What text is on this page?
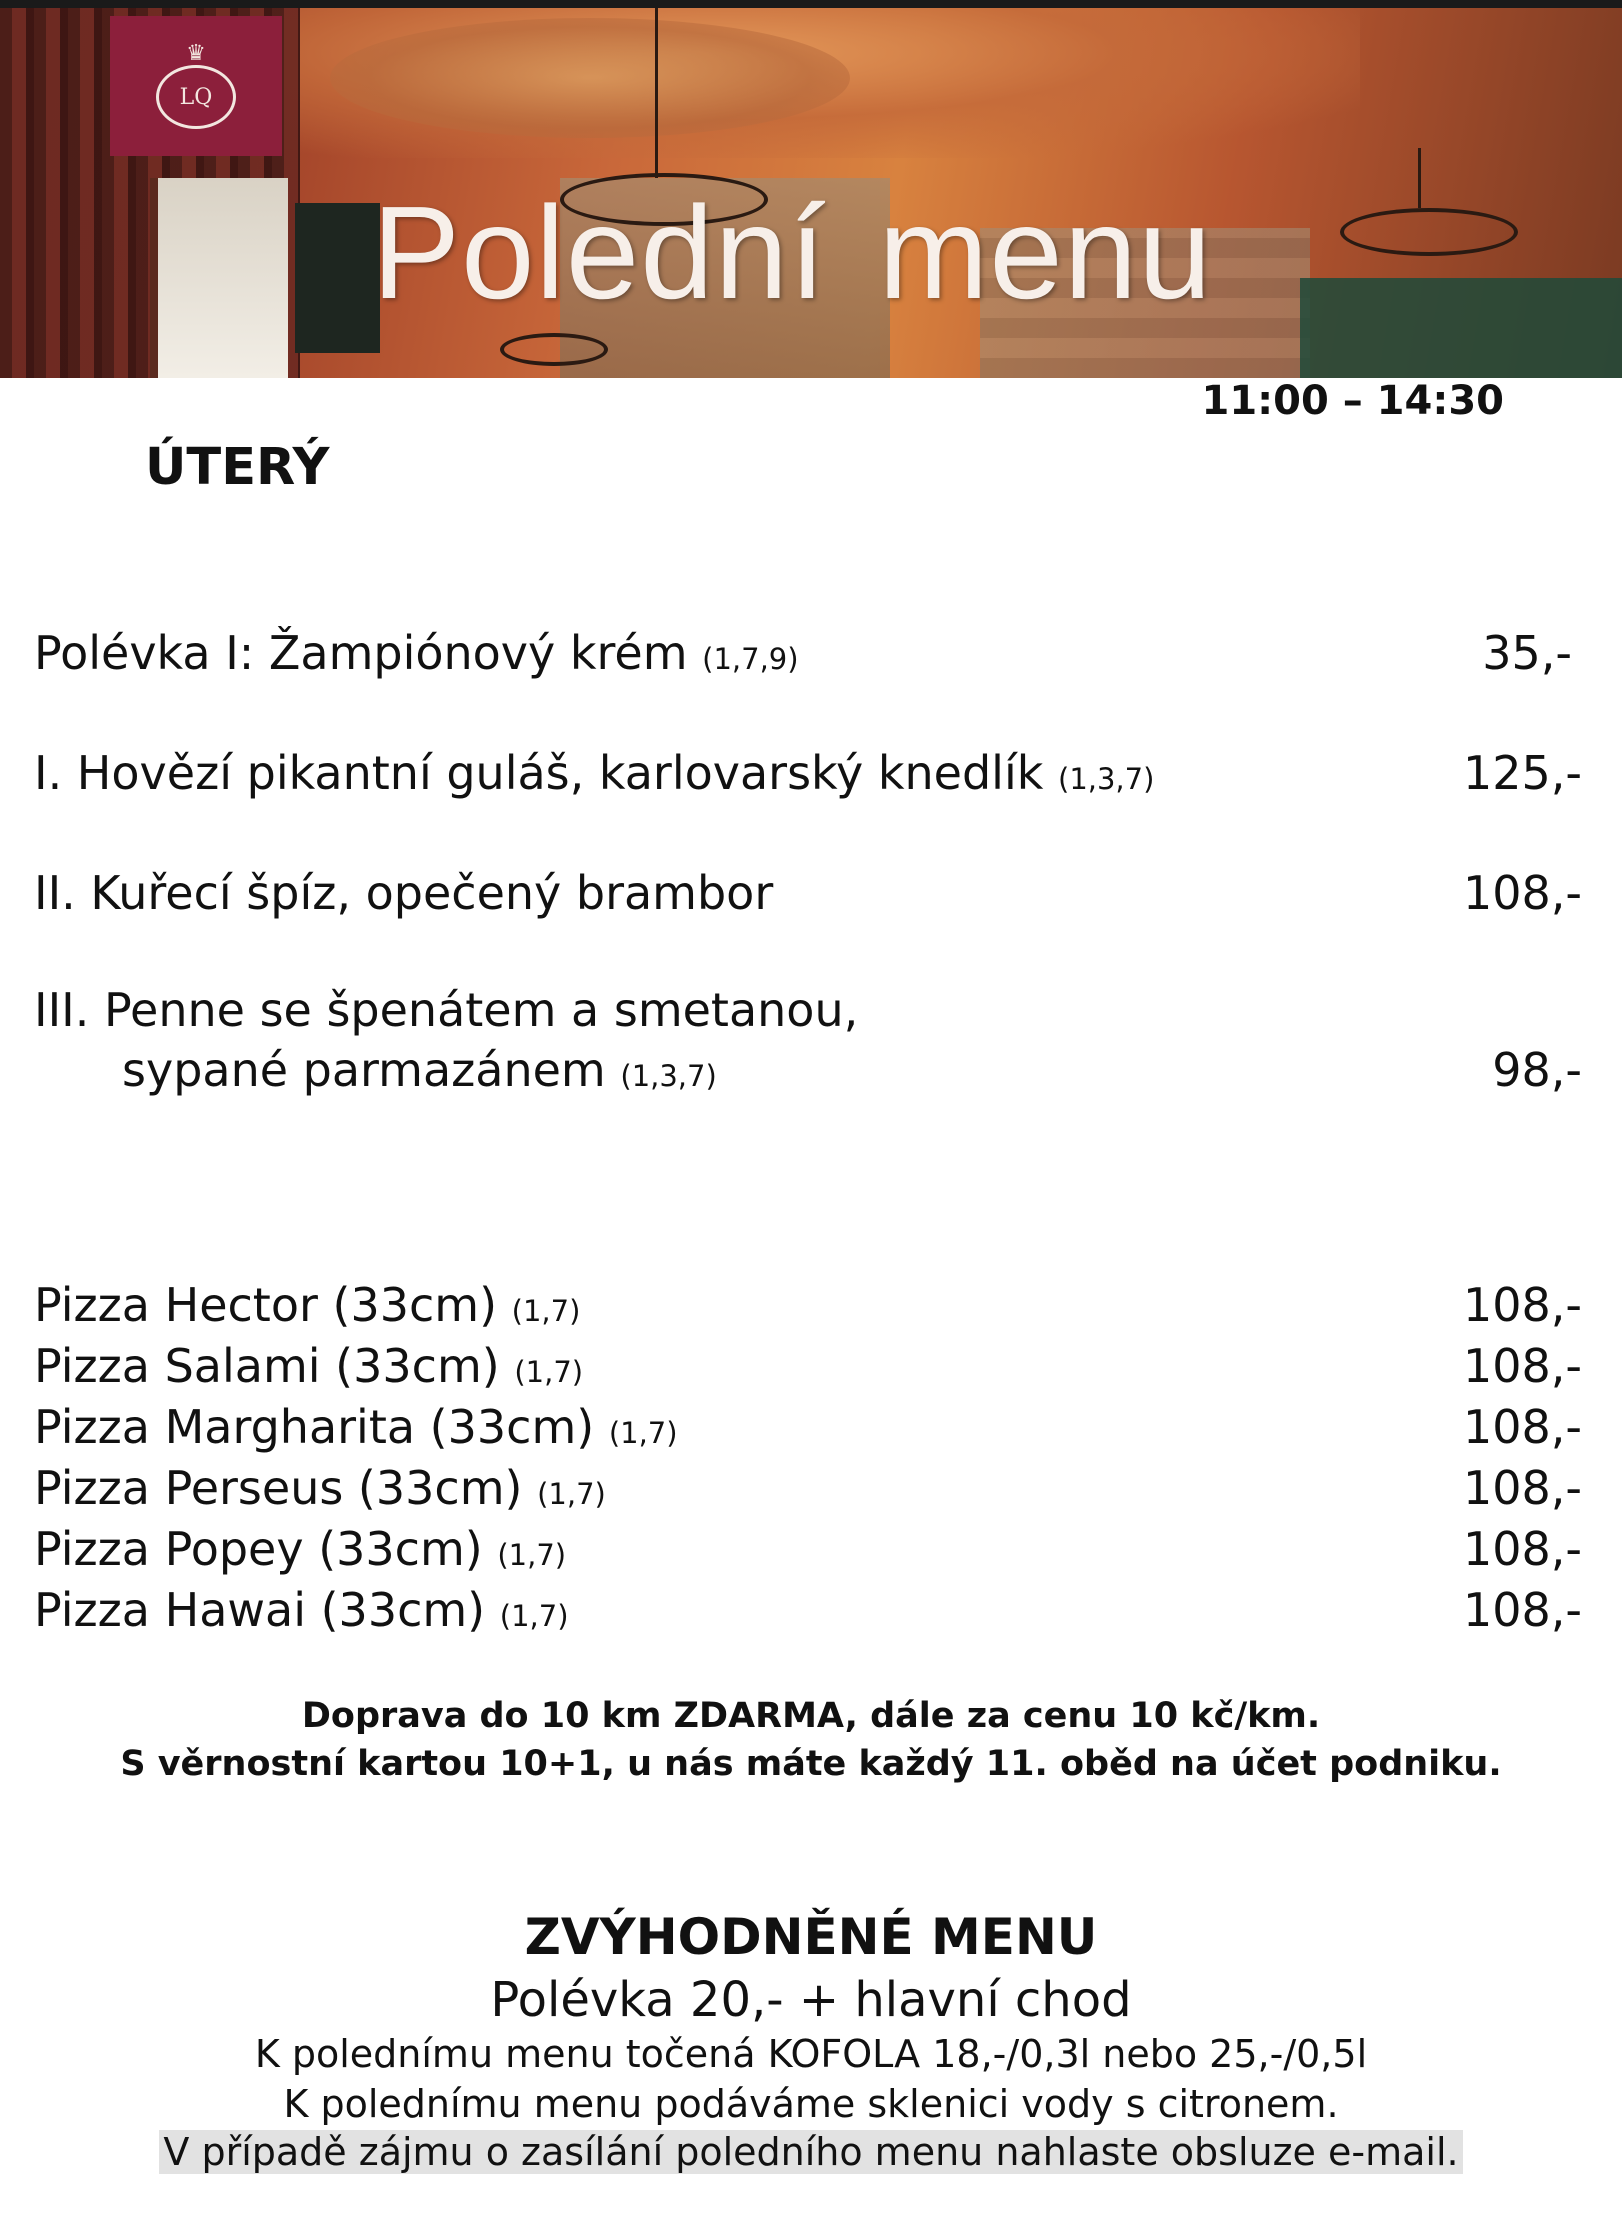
♛
LQ
Polední menu
11:00 – 14:30
ÚTERÝ
Polévka I: Žampiónový krém (1,7,9)	35,-
I. Hovězí pikantní guláš, karlovarský knedlík (1,3,7)	125,-
II. Kuřecí špíz, opečený brambor	108,-
III. Penne se špenátem a smetanou,
sypané parmazánem (1,3,7)	98,-
Pizza Hector (33cm) (1,7)	108,-
Pizza Salami (33cm) (1,7)	108,-
Pizza Margharita (33cm) (1,7)	108,-
Pizza Perseus (33cm) (1,7)	108,-
Pizza Popey (33cm) (1,7)	108,-
Pizza Hawai (33cm) (1,7)	108,-
Doprava do 10 km ZDARMA, dále za cenu 10 kč/km.
S věrnostní kartou 10+1, u nás máte každý 11. oběd na účet podniku.
ZVÝHODNĚNÉ MENU
Polévka 20,- + hlavní chod
K polednímu menu točená KOFOLA 18,-/0,3l nebo 25,-/0,5l
K polednímu menu podáváme sklenici vody s citronem.
V případě zájmu o zasílání poledního menu nahlaste obsluze e-mail.
